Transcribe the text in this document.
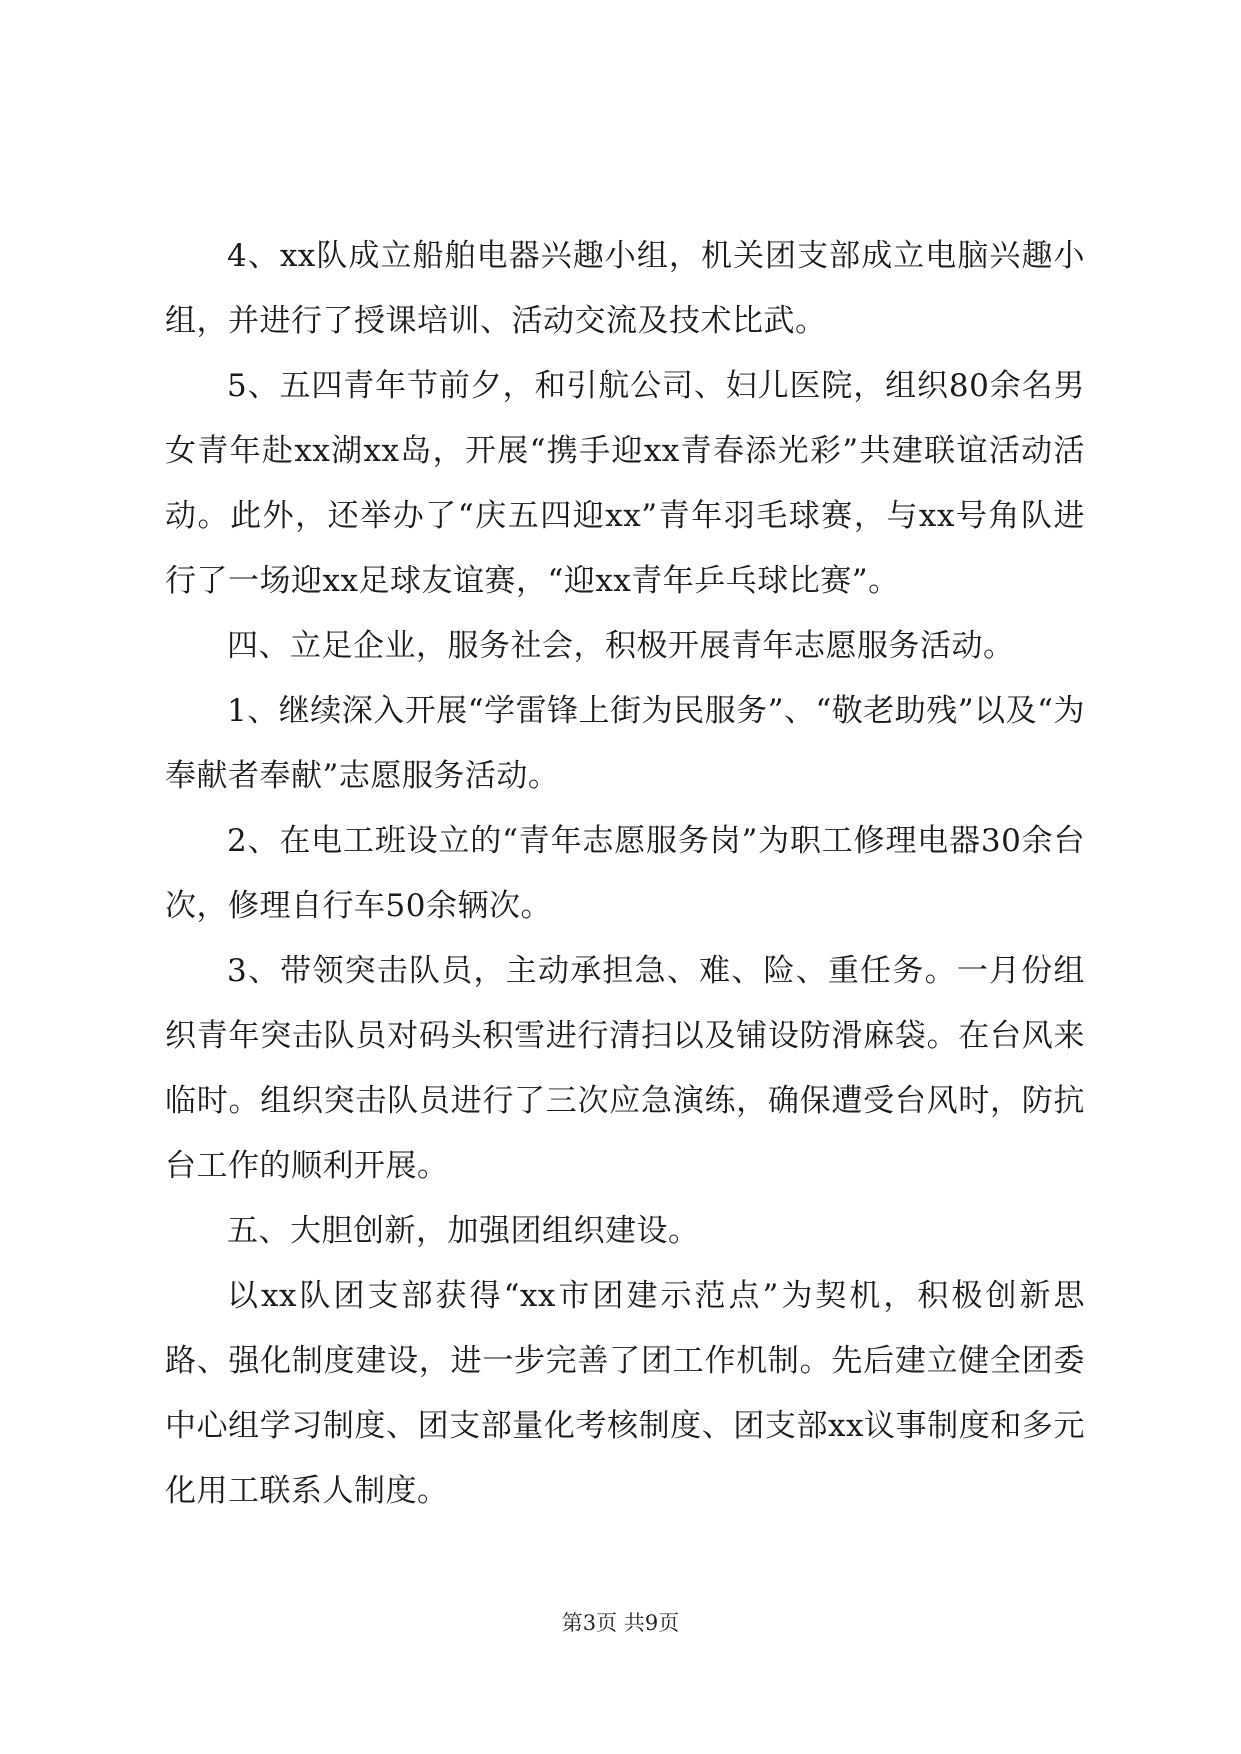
4、xx队成立船舶电器兴趣小组，机关团支部成立电脑兴趣小组，并进行了授课培训、活动交流及技术比武。

5、五四青年节前夕，和引航公司、妇儿医院，组织80余名男女青年赴xx湖xx岛，开展“携手迎xx青春添光彩”共建联谊活动活动。此外，还举办了“庆五四迎xx”青年羽毛球赛，与xx号角队进行了一场迎xx足球友谊赛，“迎xx青年乒乓球比赛”。

四、立足企业，服务社会，积极开展青年志愿服务活动。

1、继续深入开展“学雷锋上街为民服务”、“敬老助残”以及“为奉献者奉献”志愿服务活动。

2、在电工班设立的“青年志愿服务岗”为职工修理电器30余台次，修理自行车50余辆次。

3、带领突击队员，主动承担急、难、险、重任务。一月份组织青年突击队员对码头积雪进行清扫以及铺设防滑麻袋。在台风来临时。组织突击队员进行了三次应急演练，确保遭受台风时，防抗台工作的顺利开展。

五、大胆创新，加强团组织建设。

以xx队团支部获得“xx市团建示范点”为契机，积极创新思路、强化制度建设，进一步完善了团工作机制。先后建立健全团委中心组学习制度、团支部量化考核制度、团支部xx议事制度和多元化用工联系人制度。

第3页 共9页
